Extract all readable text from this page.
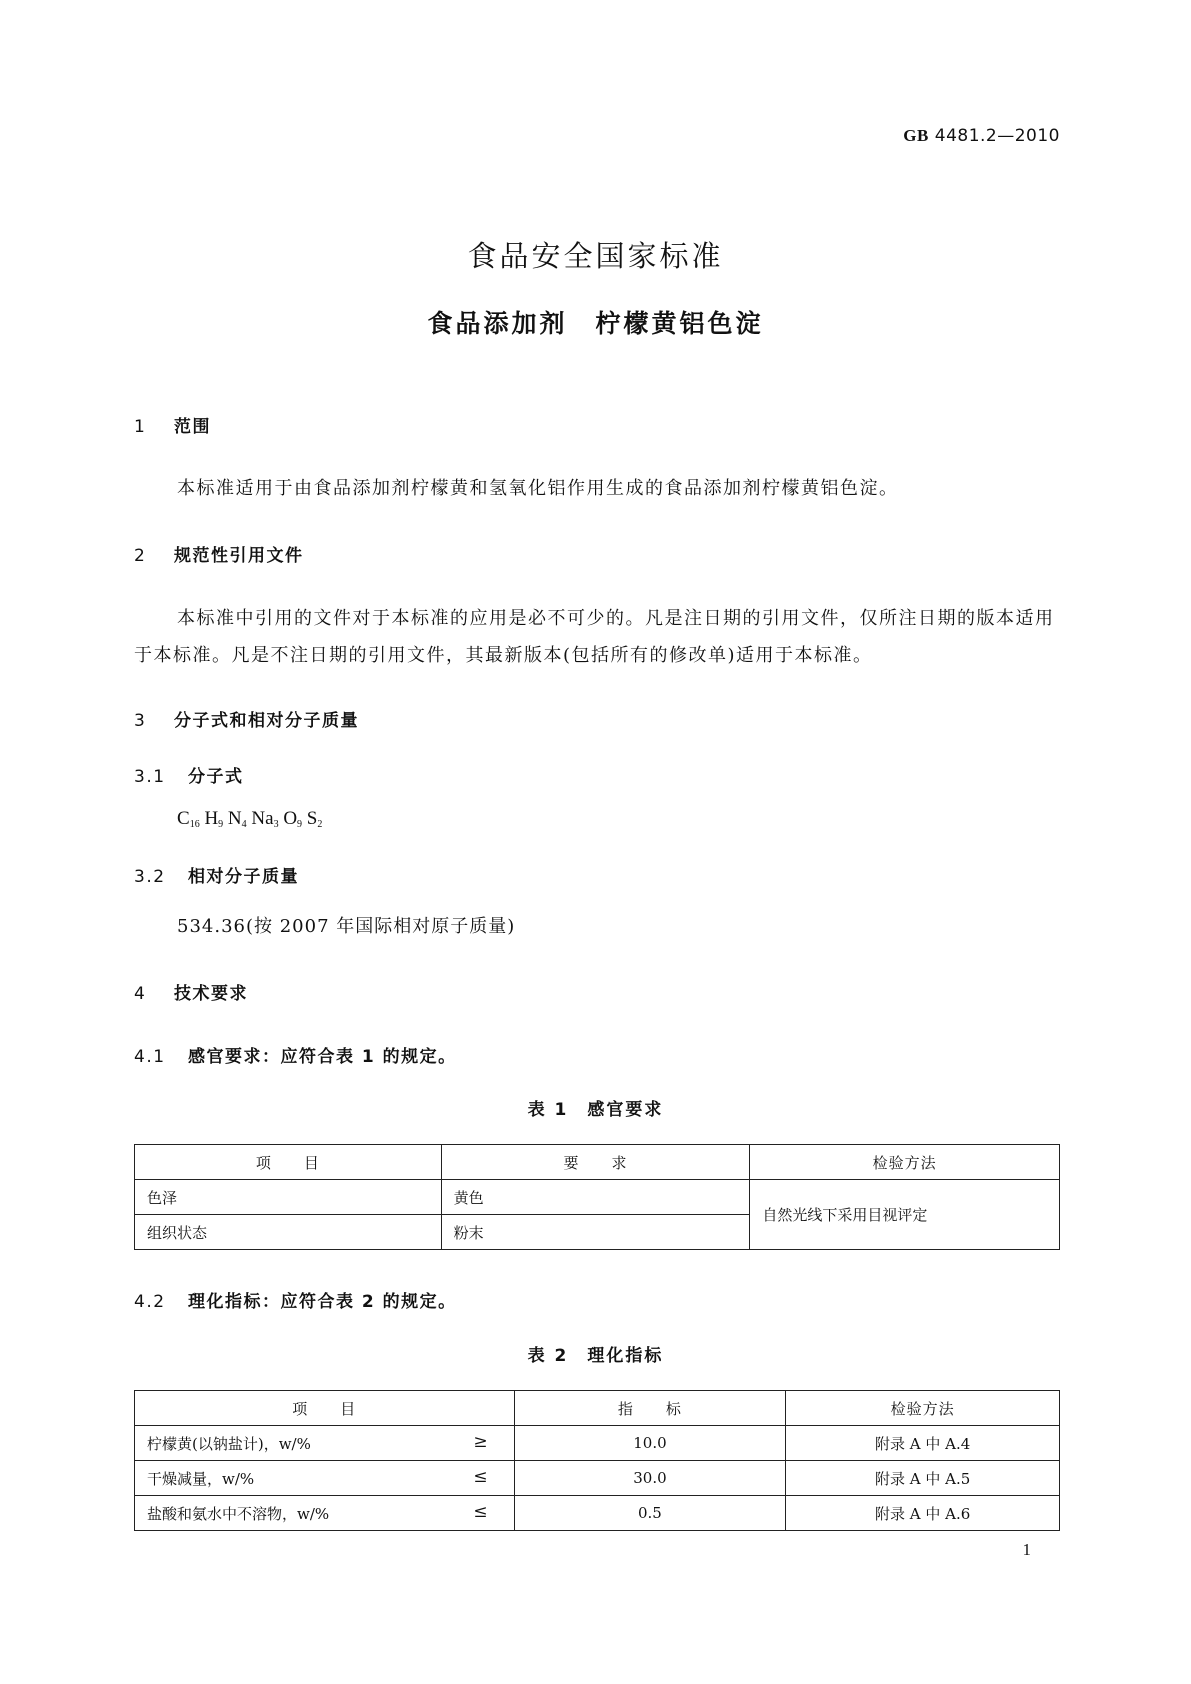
GB 4481.2—2010
食品安全国家标准
食品添加剂　柠檬黄铝色淀
1 范围
本标准适用于由食品添加剂柠檬黄和氢氧化铝作用生成的食品添加剂柠檬黄铝色淀。
2 规范性引用文件
本标准中引用的文件对于本标准的应用是必不可少的。凡是注日期的引用文件，仅所注日期的版本适用于本标准。凡是不注日期的引用文件，其最新版本(包括所有的修改单)适用于本标准。
3 分子式和相对分子质量
3.1 分子式
$C_{16}$ $H_9$ $N_4$ $Na_3$ $O_9$ $S_2$
3.2 相对分子质量
534.36(按 2007 年国际相对原子质量)
4 技术要求
4.1 感官要求：应符合表 1 的规定。
表 1　感官要求
项　　目	要　　求	检验方法
色泽	黄色	自然光线下采用目视评定
组织状态	粉末	
4.2 理化指标：应符合表 2 的规定。
表 2　理化指标
项　　目	指　　标	检验方法
柠檬黄(以钠盐计)，w/% ≥	10.0	附录 A 中 A.4
干燥减量，w/% ≤	30.0	附录 A 中 A.5
盐酸和氨水中不溶物，w/% ≤	0.5	附录 A 中 A.6
1
